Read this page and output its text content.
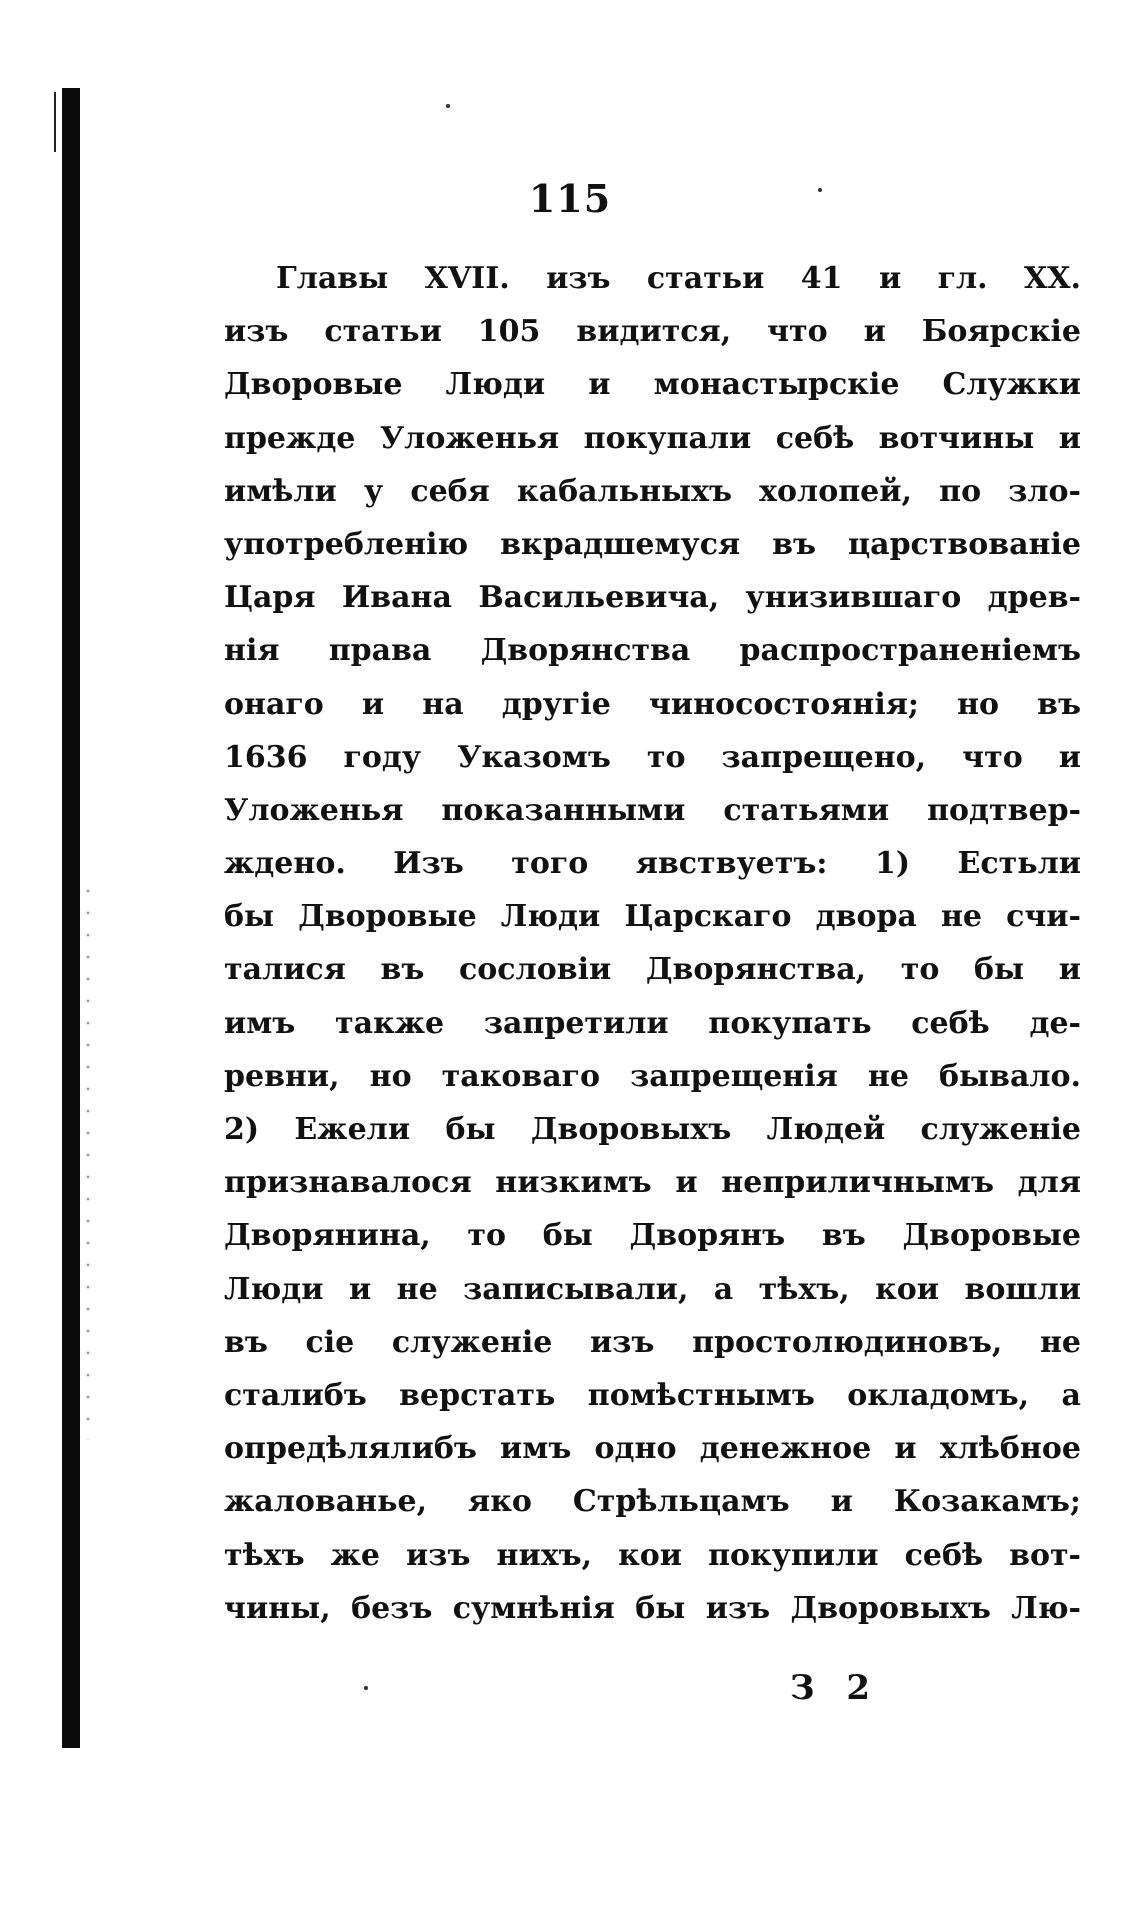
115
Главы XVII. изъ статьи 41 и гл. XX.
изъ статьи 105 видится, что и Боярскіе
Дворовые Люди и монастырскіе Служки
прежде Уложенья покупали себѣ вотчины и
имѣли у себя кабальныхъ холопей, по зло-
употребленію вкрадшемуся въ царствованіе
Царя Ивана Васильевича, унизившаго древ-
нія права Дворянства распространеніемъ
онаго и на другіе чиносостоянія; но въ
1636 году Указомъ то запрещено, что и
Уложенья показанными статьями подтвер-
ждено. Изъ того явствуетъ: 1) Естьли
бы Дворовые Люди Царскаго двора не счи-
талися въ сословіи Дворянства, то бы и
имъ также запретили покупать себѣ де-
ревни, но таковаго запрещенія не бывало.
2) Ежели бы Дворовыхъ Людей служеніе
признавалося низкимъ и неприличнымъ для
Дворянина, то бы Дворянъ въ Дворовые
Люди и не записывали, а тѣхъ, кои вошли
въ сіе служеніе изъ простолюдиновъ, не
сталибъ верстать помѣстнымъ окладомъ, а
опредѣлялибъ имъ одно денежное и хлѣбное
жалованье, яко Стрѣльцамъ и Козакамъ;
тѣхъ же изъ нихъ, кои покупили себѣ вот-
чины, безъ сумнѣнія бы изъ Дворовыхъ Лю-
З 2
